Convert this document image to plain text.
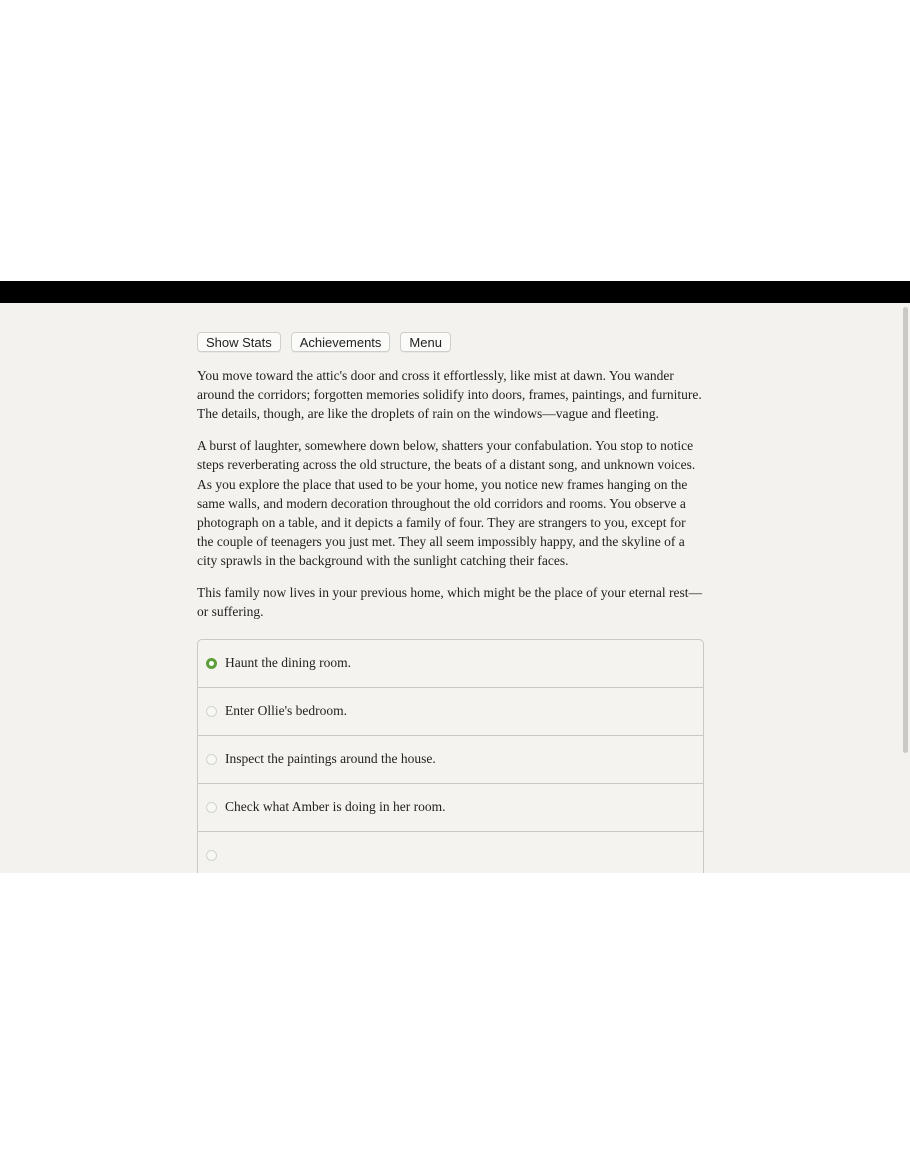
Show Stats	Achievements	Menu

You move toward the attic's door and cross it effortlessly, like mist at dawn. You wander around the corridors; forgotten memories solidify into doors, frames, paintings, and furniture. The details, though, are like the droplets of rain on the windows—vague and fleeting.

A burst of laughter, somewhere down below, shatters your confabulation. You stop to notice steps reverberating across the old structure, the beats of a distant song, and unknown voices. As you explore the place that used to be your home, you notice new frames hanging on the same walls, and modern decoration throughout the old corridors and rooms. You observe a photograph on a table, and it depicts a family of four. They are strangers to you, except for the couple of teenagers you just met. They all seem impossibly happy, and the skyline of a city sprawls in the background with the sunlight catching their faces.

This family now lives in your previous home, which might be the place of your eternal rest—or suffering.

Haunt the dining room.
Enter Ollie's bedroom.
Inspect the paintings around the house.
Check what Amber is doing in her room.
